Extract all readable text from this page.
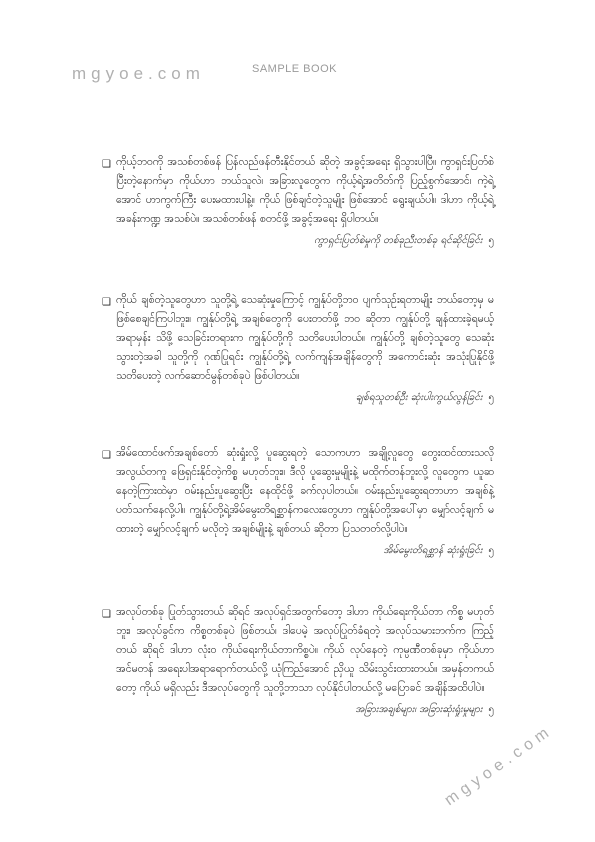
mgyoe.com	SAMPLE BOOK
❑ ကိုယ့်ဘဝကို အသစ်တစ်ဖန် ပြန်လည်ဖန်တီးနိုင်တယ် ဆိုတဲ့ အခွင့်အရေး ရှိသွားပါပြီ။ ကွာရှင်းပြတ်စဲပြီးတဲ့နောက်မှာ ကိုယ်ဟာ ဘယ်သူလဲ၊ အခြားလူတွေက ကိုယ့်ရဲ့အတိတ်ကို ပြည့်စွက်အောင်၊ ကဲ့ရဲ့အောင် ဟာကွက်ကြီး ပေးမထားပါနဲ့။ ကိုယ် ဖြစ်ချင်တဲ့သူမျိုး ဖြစ်အောင် ရွေးချယ်ပါ။ ဒါဟာ ကိုယ့်ရဲ့ အခန်းကဏ္ဍ အသစ်ပဲ။ အသစ်တစ်ဖန် စတင်ဖို့ အခွင့်အရေး ရှိပါတယ်။

ကွာရှင်းပြတ်စဲမှုကို တစ်ခုညီးတစ်ခု ရင်ဆိုင်ခြင်း ၅

❑ ကိုယ် ချစ်တဲ့သူတွေဟာ သူတို့ရဲ့ သေဆုံးမှုကြောင့် ကျွန်ုပ်တို့ဘဝ ပျက်သုဉ်းရတာမျိုး ဘယ်တော့မှ မဖြစ်စေချင်ကြပါဘူး။ ကျွန်ုပ်တို့ရဲ့ အချစ်တွေကို ပေးတတ်ဖို့ ဘဝ ဆိုတာ ကျွန်ုပ်တို့ ချန်ထားခဲ့ရမယ့်အရာမှန်း သိဖို့ သေခြင်းတရားက ကျွန်ုပ်တို့ကို သတိပေးပါတယ်။ ကျွန်ုပ်တို့ ချစ်တဲ့သူတွေ သေဆုံးသွားတဲ့အခါ သူတို့ကို ဂုဏ်ပြုရင်း ကျွန်ုပ်တို့ရဲ့ လက်ကျန်အချိန်တွေကို အကောင်းဆုံး အသုံးပြုနိုင်ဖို့ သတိပေးတဲ့ လက်ဆောင်မွန်တစ်ခုပဲ ဖြစ်ပါတယ်။

ချစ်ရသူတစ်ဦး ဆုံးပါးကွယ်လွန်ခြင်း ၅

❑ အိမ်ထောင်ဖက်အချစ်တော် ဆုံးရှုံးလို့ ပူဆွေးရတဲ့ သောကဟာ အချို့လူတွေ တွေးထင်ထားသလို အလွယ်တကူ ဖြေရှင်းနိုင်တဲ့ကိစ္စ မဟုတ်ဘူး။ ဒီလို ပူဆွေးမှုမျိုးနဲ့ မထိုက်တန်ဘူးလို့ လူတွေက ယူဆနေတဲ့ကြားထဲမှာ ဝမ်းနည်းပူဆွေးပြီး နေထိုင်ဖို့ ခက်လှပါတယ်။ ဝမ်းနည်းပူဆွေးရတာဟာ အချစ်နဲ့ ပတ်သက်နေလို့ပါ။ ကျွန်ုပ်တို့ရဲ့အိမ်မွေးတိရစ္ဆာန်ကလေးတွေဟာ ကျွန်ုပ်တို့အပေါ်မှာ မျှော်လင့်ချက် မထားတဲ့ မျှော်လင့်ချက် မလိုတဲ့ အချစ်မျိုးနဲ့ ချစ်တယ် ဆိုတာ ပြသတတ်လို့ပါပဲ။

အိမ်မွေးတိရစ္ဆာန် ဆုံးရှုံးခြင်း ၅

❑ အလုပ်တစ်ခု ပြုတ်သွားတယ် ဆိုရင် အလုပ်ရှင်အတွက်တော့ ဒါဟာ ကိုယ်ရေးကိုယ်တာ ကိစ္စ မဟုတ်ဘူး၊ အလုပ်ခွင်က ကိစ္စတစ်ခုပဲ ဖြစ်တယ်၊ ဒါပေမဲ့ အလုပ်ပြုတ်ခံရတဲ့ အလုပ်သမားဘက်က ကြည့်တယ် ဆိုရင် ဒါဟာ လုံးဝ ကိုယ်ရေးကိုယ်တာကိစ္စပဲ။ ကိုယ် လုပ်နေတဲ့ ကုမ္ပဏီတစ်ခုမှာ ကိုယ်ဟာ အင်မတန် အရေးပါအရာရောက်တယ်လို့ ယုံကြည်အောင် ညှိယူ သိမ်းသွင်းထားတယ်။ အမှန်တကယ်တော့ ကိုယ် မရှိလည်း ဒီအလုပ်တွေကို သူတို့ဘာသာ လုပ်နိုင်ပါတယ်လို့ မပြောခင် အချိန်အထိပါပဲ။

အခြားအချစ်များ၊ အခြားဆုံးရှုံးမှုများ ၅

mgyoe.com
